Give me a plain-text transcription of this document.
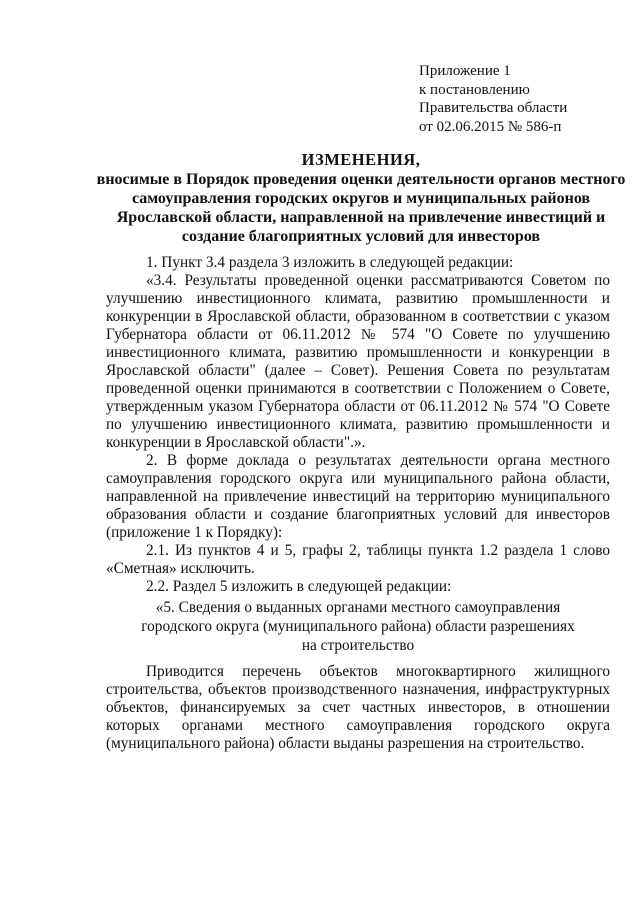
Приложение 1
к постановлению
Правительства области
от 02.06.2015 № 586-п
ИЗМЕНЕНИЯ,
вносимые в Порядок проведения оценки деятельности органов местного самоуправления городских округов и муниципальных районов Ярославской области, направленной на привлечение инвестиций и создание благоприятных условий для инвесторов

1. Пункт 3.4 раздела 3 изложить в следующей редакции:

«3.4. Результаты проведенной оценки рассматриваются Советом по улучшению инвестиционного климата, развитию промышленности и конкуренции в Ярославской области, образованном в соответствии с указом Губернатора области от 06.11.2012 № 574 "О Совете по улучшению инвестиционного климата, развитию промышленности и конкуренции в Ярославской области" (далее – Совет). Решения Совета по результатам проведенной оценки принимаются в соответствии с Положением о Совете, утвержденным указом Губернатора области от 06.11.2012 № 574 "О Совете по улучшению инвестиционного климата, развитию промышленности и конкуренции в Ярославской области".».

2. В форме доклада о результатах деятельности органа местного самоуправления городского округа или муниципального района области, направленной на привлечение инвестиций на территорию муниципального образования области и создание благоприятных условий для инвесторов (приложение 1 к Порядку):

2.1. Из пунктов 4 и 5, графы 2, таблицы пункта 1.2 раздела 1 слово «Сметная» исключить.

2.2. Раздел 5 изложить в следующей редакции:

«5. Сведения о выданных органами местного самоуправления
городского округа (муниципального района) области разрешениях
на строительство

Приводится перечень объектов многоквартирного жилищного строительства, объектов производственного назначения, инфраструктурных объектов, финансируемых за счет частных инвесторов, в отношении которых органами местного самоуправления городского округа (муниципального района) области выданы разрешения на строительство.
